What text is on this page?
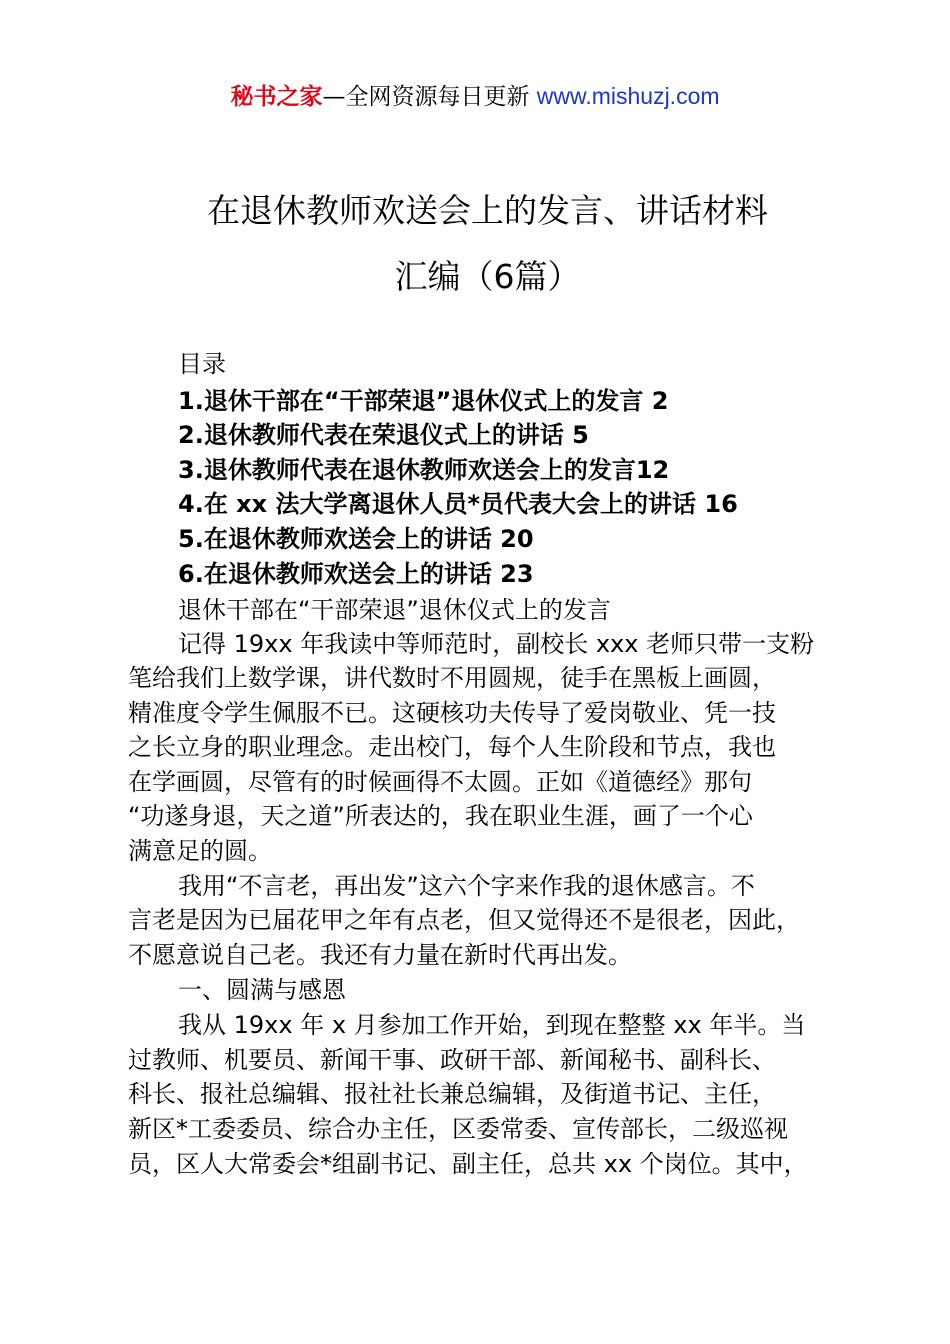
秘书之家—全网资源每日更新 www.mishuzj.com
在退休教师欢送会上的发言、讲话材料
汇编（6篇）
目录
1.退休干部在“干部荣退”退休仪式上的发言 2
2.退休教师代表在荣退仪式上的讲话 5
3.退休教师代表在退休教师欢送会上的发言12
4.在 xx 法大学离退休人员*员代表大会上的讲话 16
5.在退休教师欢送会上的讲话 20
6.在退休教师欢送会上的讲话 23
退休干部在“干部荣退”退休仪式上的发言
记得 19xx 年我读中等师范时，副校长 xxx 老师只带一支粉
笔给我们上数学课，讲代数时不用圆规，徒手在黑板上画圆，
精准度令学生佩服不已。这硬核功夫传导了爱岗敬业、凭一技
之长立身的职业理念。走出校门，每个人生阶段和节点，我也
在学画圆，尽管有的时候画得不太圆。正如《道德经》那句
“功遂身退，天之道”所表达的，我在职业生涯，画了一个心
满意足的圆。
我用“不言老，再出发”这六个字来作我的退休感言。不
言老是因为已届花甲之年有点老，但又觉得还不是很老，因此，
不愿意说自己老。我还有力量在新时代再出发。
一、圆满与感恩
我从 19xx 年 x 月参加工作开始，到现在整整 xx 年半。当
过教师、机要员、新闻干事、政研干部、新闻秘书、副科长、
科长、报社总编辑、报社社长兼总编辑，及街道书记、主任，
新区*工委委员、综合办主任，区委常委、宣传部长，二级巡视
员，区人大常委会*组副书记、副主任，总共 xx 个岗位。其中，
